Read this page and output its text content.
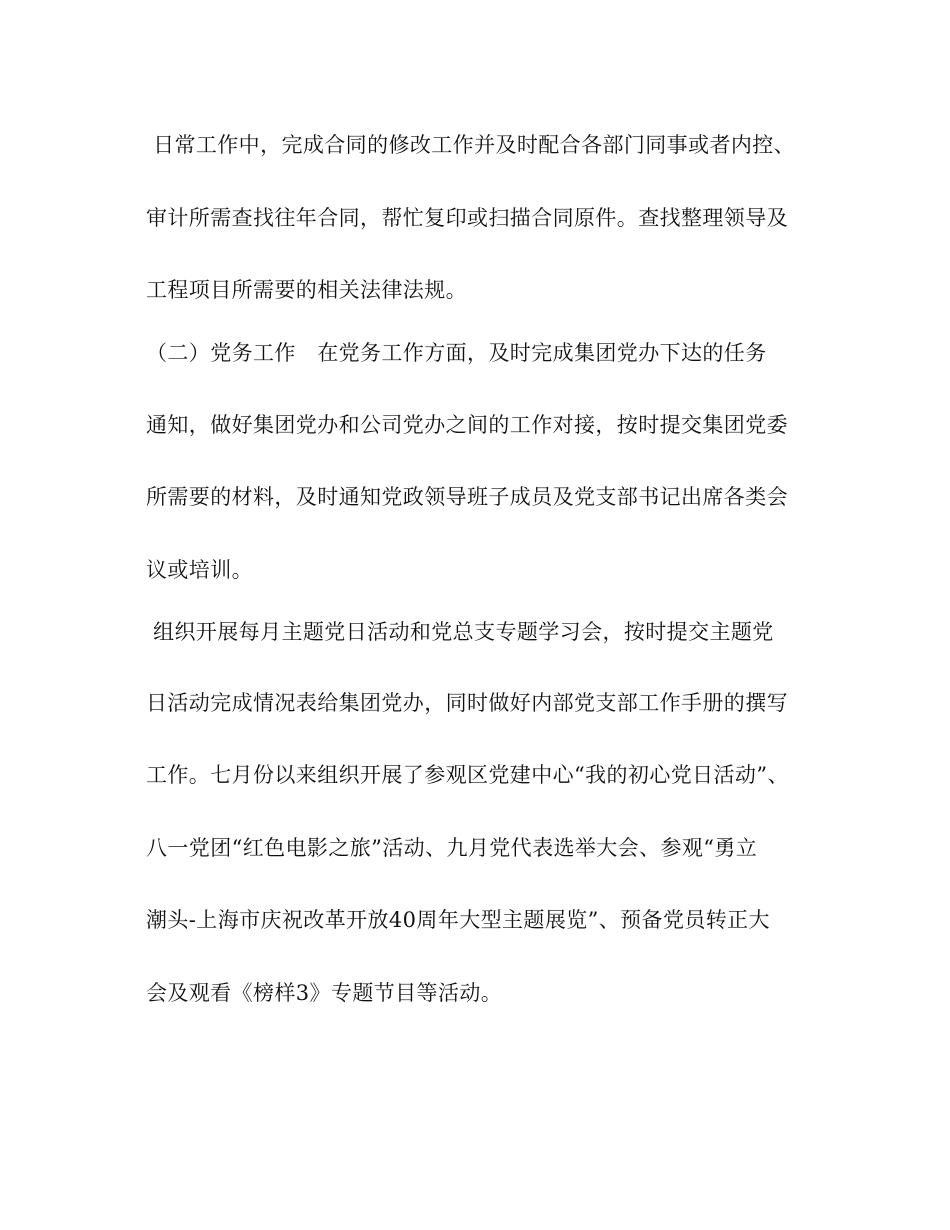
日常工作中，完成合同的修改工作并及时配合各部门同事或者内控、
审计所需查找往年合同，帮忙复印或扫描合同原件。查找整理领导及
工程项目所需要的相关法律法规。
（二）党务工作　在党务工作方面，及时完成集团党办下达的任务
通知，做好集团党办和公司党办之间的工作对接，按时提交集团党委
所需要的材料，及时通知党政领导班子成员及党支部书记出席各类会
议或培训。
组织开展每月主题党日活动和党总支专题学习会，按时提交主题党
日活动完成情况表给集团党办，同时做好内部党支部工作手册的撰写
工作。七月份以来组织开展了参观区党建中心“我的初心党日活动”、
八一党团“红色电影之旅”活动、九月党代表选举大会、参观“勇立
潮头-上海市庆祝改革开放40周年大型主题展览”、预备党员转正大
会及观看《榜样3》专题节目等活动。
